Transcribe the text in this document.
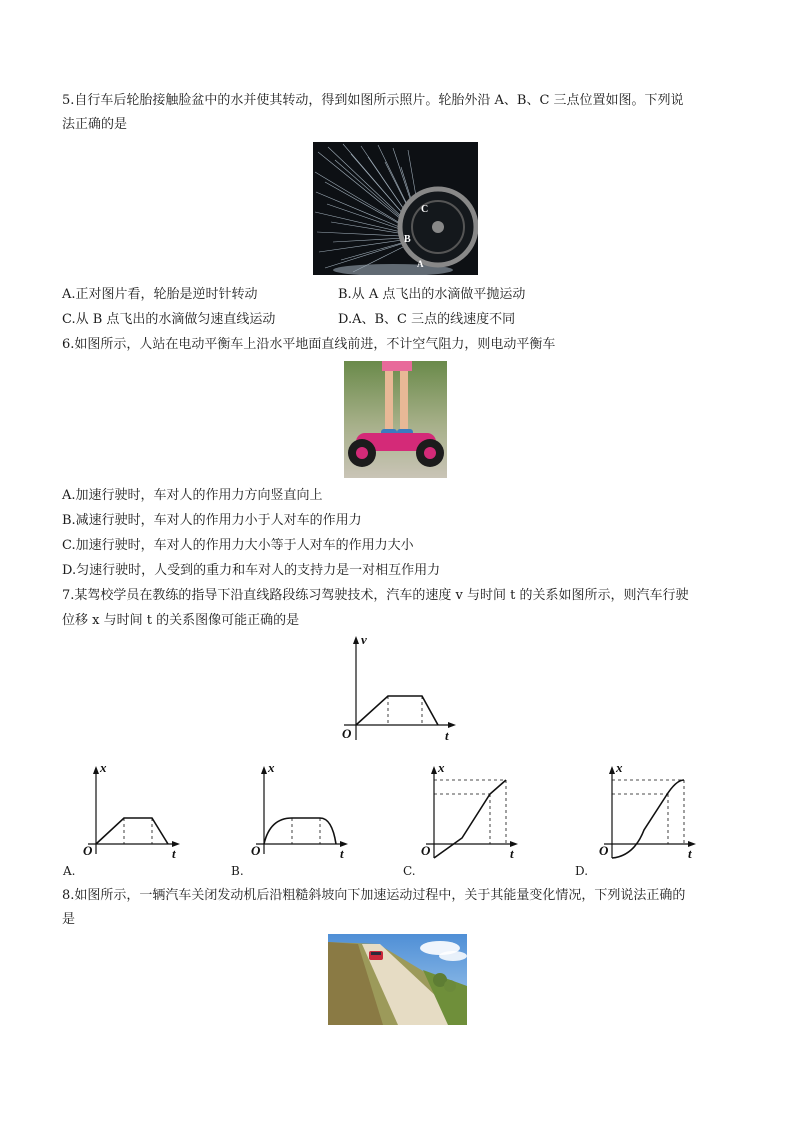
5.自行车后轮胎接触脸盆中的水并使其转动，得到如图所示照片。轮胎外沿 A、B、C 三点位置如图。下列说
法正确的是
C
B
A
A.正对图片看，轮胎是逆时针转动	B.从 A 点飞出的水滴做平抛运动
C.从 B 点飞出的水滴做匀速直线运动	D.A、B、C 三点的线速度不同
6.如图所示，人站在电动平衡车上沿水平地面直线前进，不计空气阻力，则电动平衡车
A.加速行驶时，车对人的作用力方向竖直向上
B.减速行驶时，车对人的作用力小于人对车的作用力
C.加速行驶时，车对人的作用力大小等于人对车的作用力大小
D.匀速行驶时，人受到的重力和车对人的支持力是一对相互作用力
7.某驾校学员在教练的指导下沿直线路段练习驾驶技术，汽车的速度 v 与时间 t 的关系如图所示，则汽车行驶
位移 x 与时间 t 的关系图像可能正确的是
v
O	t
x
O	t
A.
x
O	t
B.
x
O	t
C.
x
O	t
D.
8.如图所示，一辆汽车关闭发动机后沿粗糙斜坡向下加速运动过程中，关于其能量变化情况，下列说法正确的
是
